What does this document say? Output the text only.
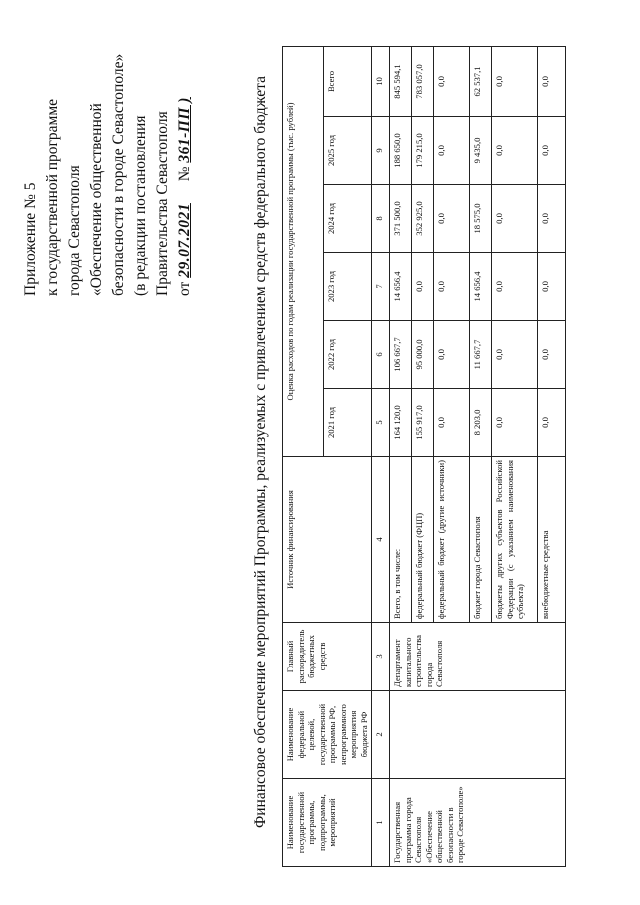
Приложение № 5 к государственной программе города Севастополя «Обеспечение общественной безопасности в городе Севастополе» (в редакции постановления Правительства Севастополя от 29.07.2021  № 361-ПП )	Финансовое обеспечение мероприятий Программы, реализуемых с привлечением средств федерального бюджета Наименование государственной программы, подпрограммы, мероприятий	Наименование федеральной целевой, государственной программы РФ, непрограммного мероприятия бюджета РФ	Главный распорядитель бюджетных средств	Источник финансирования	Оценка расходов по годам реализации государственной программы (тыс. рублей)					
				2021 год	2022 год	2023 год	2024 год	2025 год	Всего
1	2	3	4	5	6	7	8	9	10
Государственная программа города Севастополя «Обеспечение общественной безопасности в городе Севастополе»		Департамент капитального строительства города Севастополя	Всего, в том числе:	164 120,0	106 667,7	14 656,4	371 500,0	188 650,0	845 594,1
			федеральный бюджет (ФЦП)	155 917,0	95 000,0	0,0	352 925,0	179 215,0	783 057,0
			федеральный бюджет (другие источники)	0,0	0,0	0,0	0,0	0,0	0,0
			бюджет города Севастополя	8 203,0	11 667,7	14 656,4	18 575,0	9 435,0	62 537,1
			бюджеты других субъектов Российской Федерации (с указанием наименования субъекта)	0,0	0,0	0,0	0,0	0,0	0,0
			внебюджетные средства	0,0	0,0	0,0	0,0	0,0	0,0
